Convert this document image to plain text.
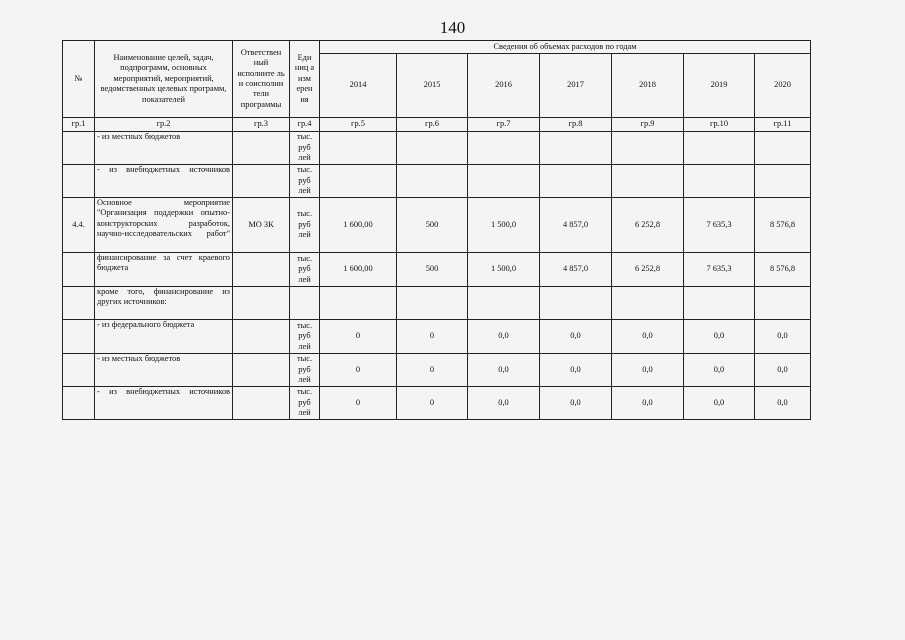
140
№	Наименование целей, задач, подпрограмм, основных мероприятий, мероприятий, ведомственных целевых программ, показателей	Ответствен ный исполните ль и соисполни тели программы	Еди ниц а изм ерен ия	Сведения об объемах расходов по годам						
				2014	2015	2016	2017	2018	2019	2020
гр.1	гр.2	гр.3	гр.4	гр.5	гр.6	гр.7	гр.8	гр.9	гр.10	гр.11
	- из местных бюджетов		тыс. руб лей							
	- из внебюджетных источников		тыс. руб лей							
4.4.	Основное мероприятие "Организация поддержки опытно-конструкторских разработок, научно-исследовательских работ"	МО ЗК	тыс. руб лей	1 600,00	500	1 500,0	4 857,0	6 252,8	7 635,3	8 576,8
	финансирование за счет краевого бюджета		тыс. руб лей	1 600,00	500	1 500,0	4 857,0	6 252,8	7 635,3	8 576,8
	кроме того, финансирование из других источников:									
	- из федерального бюджета		тыс. руб лей	0	0	0,0	0,0	0,0	0,0	0,0
	- из местных бюджетов		тыс. руб лей	0	0	0,0	0,0	0,0	0,0	0,0
	- из внебюджетных источников		тыс. руб лей	0	0	0,0	0,0	0,0	0,0	0,0
